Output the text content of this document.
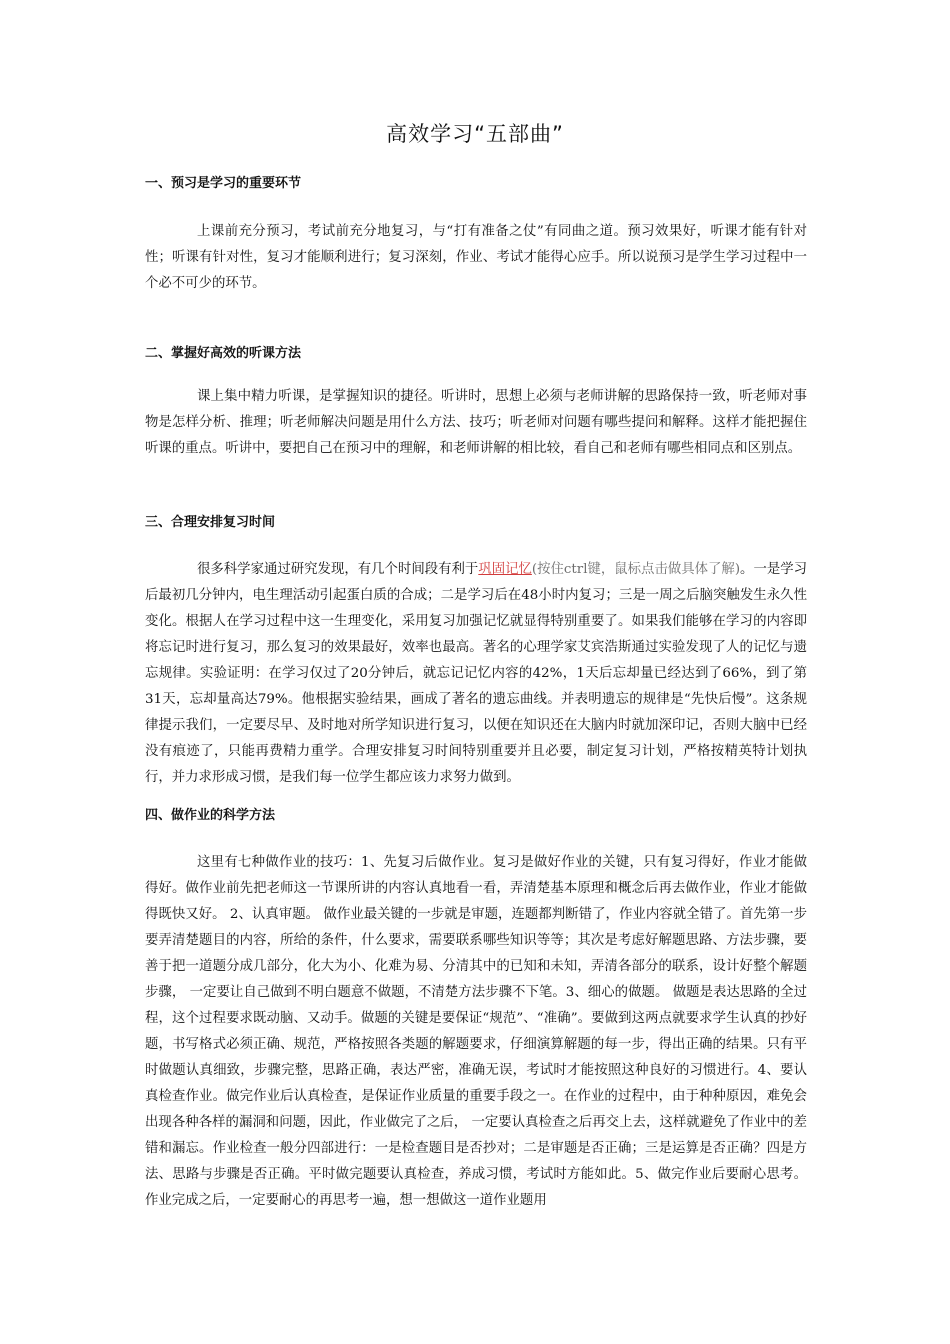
高效学习“五部曲”
一、预习是学习的重要环节

上课前充分预习，考试前充分地复习，与“打有准备之仗”有同曲之道。预习效果好，听课才能有针对性；听课有针对性，复习才能顺利进行；复习深刻，作业、考试才能得心应手。所以说预习是学生学习过程中一个必不可少的环节。

二、掌握好高效的听课方法

课上集中精力听课，是掌握知识的捷径。听讲时，思想上必须与老师讲解的思路保持一致，听老师对事物是怎样分析、推理；听老师解决问题是用什么方法、技巧；听老师对问题有哪些提问和解释。这样才能把握住听课的重点。听讲中，要把自己在预习中的理解，和老师讲解的相比较，看自己和老师有哪些相同点和区别点。

三、合理安排复习时间

很多科学家通过研究发现，有几个时间段有利于巩固记忆(按住ctrl键，鼠标点击做具体了解)。一是学习后最初几分钟内，电生理活动引起蛋白质的合成；二是学习后在48小时内复习；三是一周之后脑突触发生永久性变化。根据人在学习过程中这一生理变化，采用复习加强记忆就显得特别重要了。如果我们能够在学习的内容即将忘记时进行复习，那么复习的效果最好，效率也最高。著名的心理学家艾宾浩斯通过实验发现了人的记忆与遗忘规律。实验证明：在学习仅过了20分钟后，就忘记记忆内容的42%，1天后忘却量已经达到了66%，到了第31天，忘却量高达79%。他根据实验结果，画成了著名的遗忘曲线。并表明遗忘的规律是“先快后慢”。这条规律提示我们，一定要尽早、及时地对所学知识进行复习，以便在知识还在大脑内时就加深印记，否则大脑中已经没有痕迹了，只能再费精力重学。合理安排复习时间特别重要并且必要，制定复习计划，严格按精英特计划执行，并力求形成习惯，是我们每一位学生都应该力求努力做到。

四、做作业的科学方法

这里有七种做作业的技巧：1、先复习后做作业。复习是做好作业的关键，只有复习得好，作业才能做得好。做作业前先把老师这一节课所讲的内容认真地看一看，弄清楚基本原理和概念后再去做作业，作业才能做得既快又好。 2、认真审题。 做作业最关键的一步就是审题，连题都判断错了，作业内容就全错了。首先第一步要弄清楚题目的内容，所给的条件，什么要求，需要联系哪些知识等等；其次是考虑好解题思路、方法步骤，要善于把一道题分成几部分，化大为小、化难为易、分清其中的已知和未知，弄清各部分的联系，设计好整个解题步骤， 一定要让自己做到不明白题意不做题，不清楚方法步骤不下笔。3、细心的做题。 做题是表达思路的全过程，这个过程要求既动脑、又动手。做题的关键是要保证“规范”、“准确”。要做到这两点就要求学生认真的抄好题，书写格式必须正确、规范，严格按照各类题的解题要求，仔细演算解题的每一步，得出正确的结果。只有平时做题认真细致，步骤完整，思路正确，表达严密，准确无误，考试时才能按照这种良好的习惯进行。4、要认真检查作业。做完作业后认真检查，是保证作业质量的重要手段之一。在作业的过程中，由于种种原因，难免会出现各种各样的漏洞和问题，因此，作业做完了之后， 一定要认真检查之后再交上去，这样就避免了作业中的差错和漏忘。作业检查一般分四部进行：一是检查题目是否抄对；二是审题是否正确；三是运算是否正确？四是方法、思路与步骤是否正确。平时做完题要认真检查，养成习惯，考试时方能如此。5、做完作业后要耐心思考。作业完成之后，一定要耐心的再思考一遍，想一想做这一道作业题用
